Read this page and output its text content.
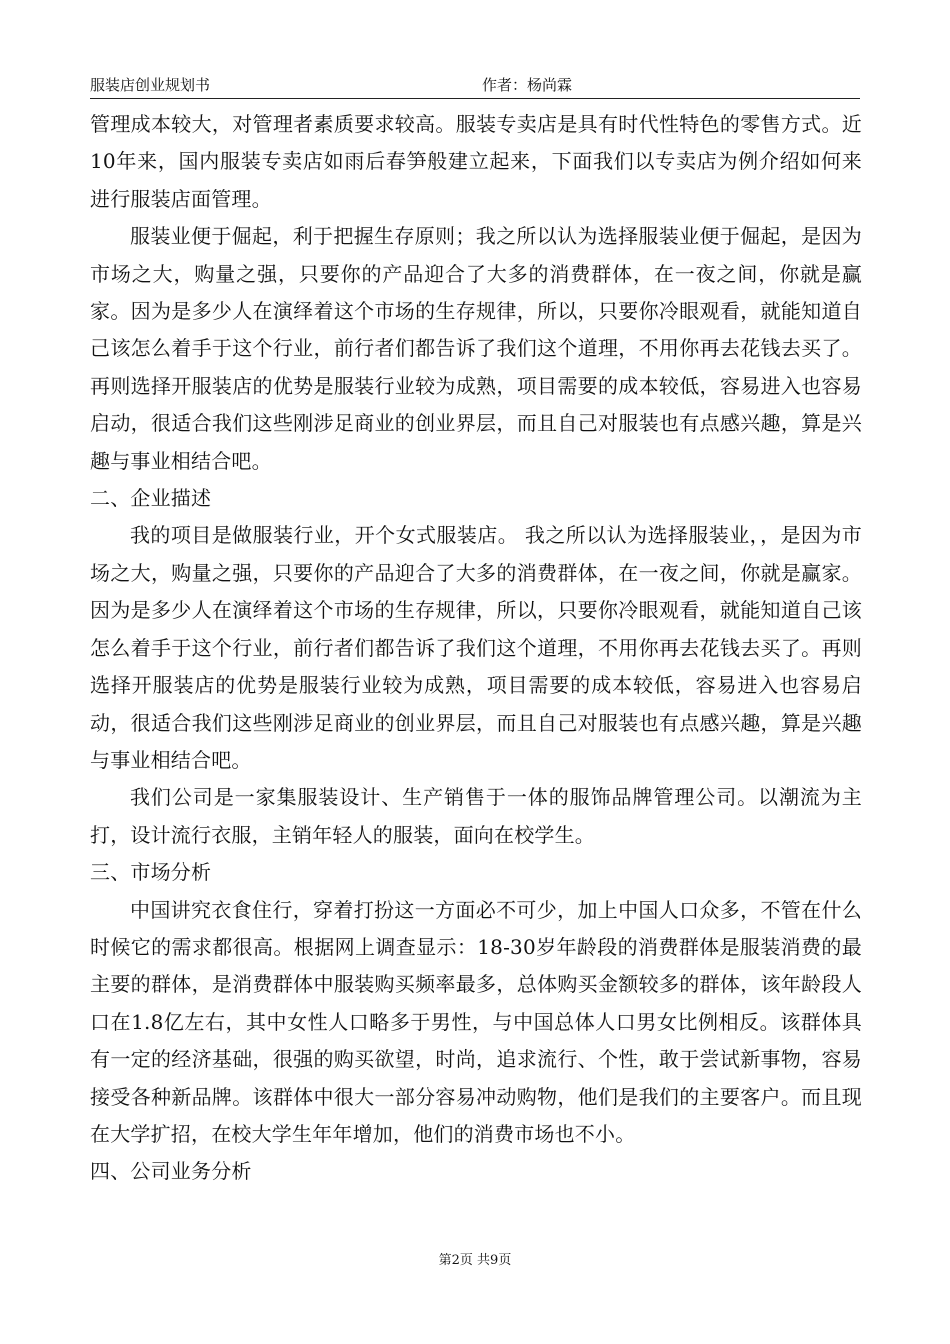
服装店创业规划书	作者：杨尚霖

管理成本较大，对管理者素质要求较高。服装专卖店是具有时代性特色的零售方式。近10年来，国内服装专卖店如雨后春笋般建立起来，下面我们以专卖店为例介绍如何来进行服装店面管理。

服装业便于倔起，利于把握生存原则；我之所以认为选择服装业便于倔起，是因为市场之大，购量之强，只要你的产品迎合了大多的消费群体，在一夜之间，你就是赢家。因为是多少人在演绎着这个市场的生存规律，所以，只要你冷眼观看，就能知道自己该怎么着手于这个行业，前行者们都告诉了我们这个道理，不用你再去花钱去买了。再则选择开服装店的优势是服装行业较为成熟，项目需要的成本较低，容易进入也容易启动，很适合我们这些刚涉足商业的创业界层，而且自己对服装也有点感兴趣，算是兴趣与事业相结合吧。

二、企业描述

我的项目是做服装行业，开个女式服装店。 我之所以认为选择服装业，，是因为市场之大，购量之强，只要你的产品迎合了大多的消费群体，在一夜之间，你就是赢家。因为是多少人在演绎着这个市场的生存规律，所以，只要你冷眼观看，就能知道自己该怎么着手于这个行业，前行者们都告诉了我们这个道理，不用你再去花钱去买了。再则选择开服装店的优势是服装行业较为成熟，项目需要的成本较低，容易进入也容易启动，很适合我们这些刚涉足商业的创业界层，而且自己对服装也有点感兴趣，算是兴趣与事业相结合吧。

我们公司是一家集服装设计、生产销售于一体的服饰品牌管理公司。以潮流为主打，设计流行衣服，主销年轻人的服装，面向在校学生。

三、市场分析

中国讲究衣食住行，穿着打扮这一方面必不可少，加上中国人口众多，不管在什么时候它的需求都很高。根据网上调查显示：18-30岁年龄段的消费群体是服装消费的最主要的群体，是消费群体中服装购买频率最多，总体购买金额较多的群体，该年龄段人口在1.8亿左右，其中女性人口略多于男性，与中国总体人口男女比例相反。该群体具有一定的经济基础，很强的购买欲望，时尚，追求流行、个性，敢于尝试新事物，容易接受各种新品牌。该群体中很大一部分容易冲动购物，他们是我们的主要客户。而且现在大学扩招，在校大学生年年增加，他们的消费市场也不小。

四、公司业务分析

第2页 共9页
